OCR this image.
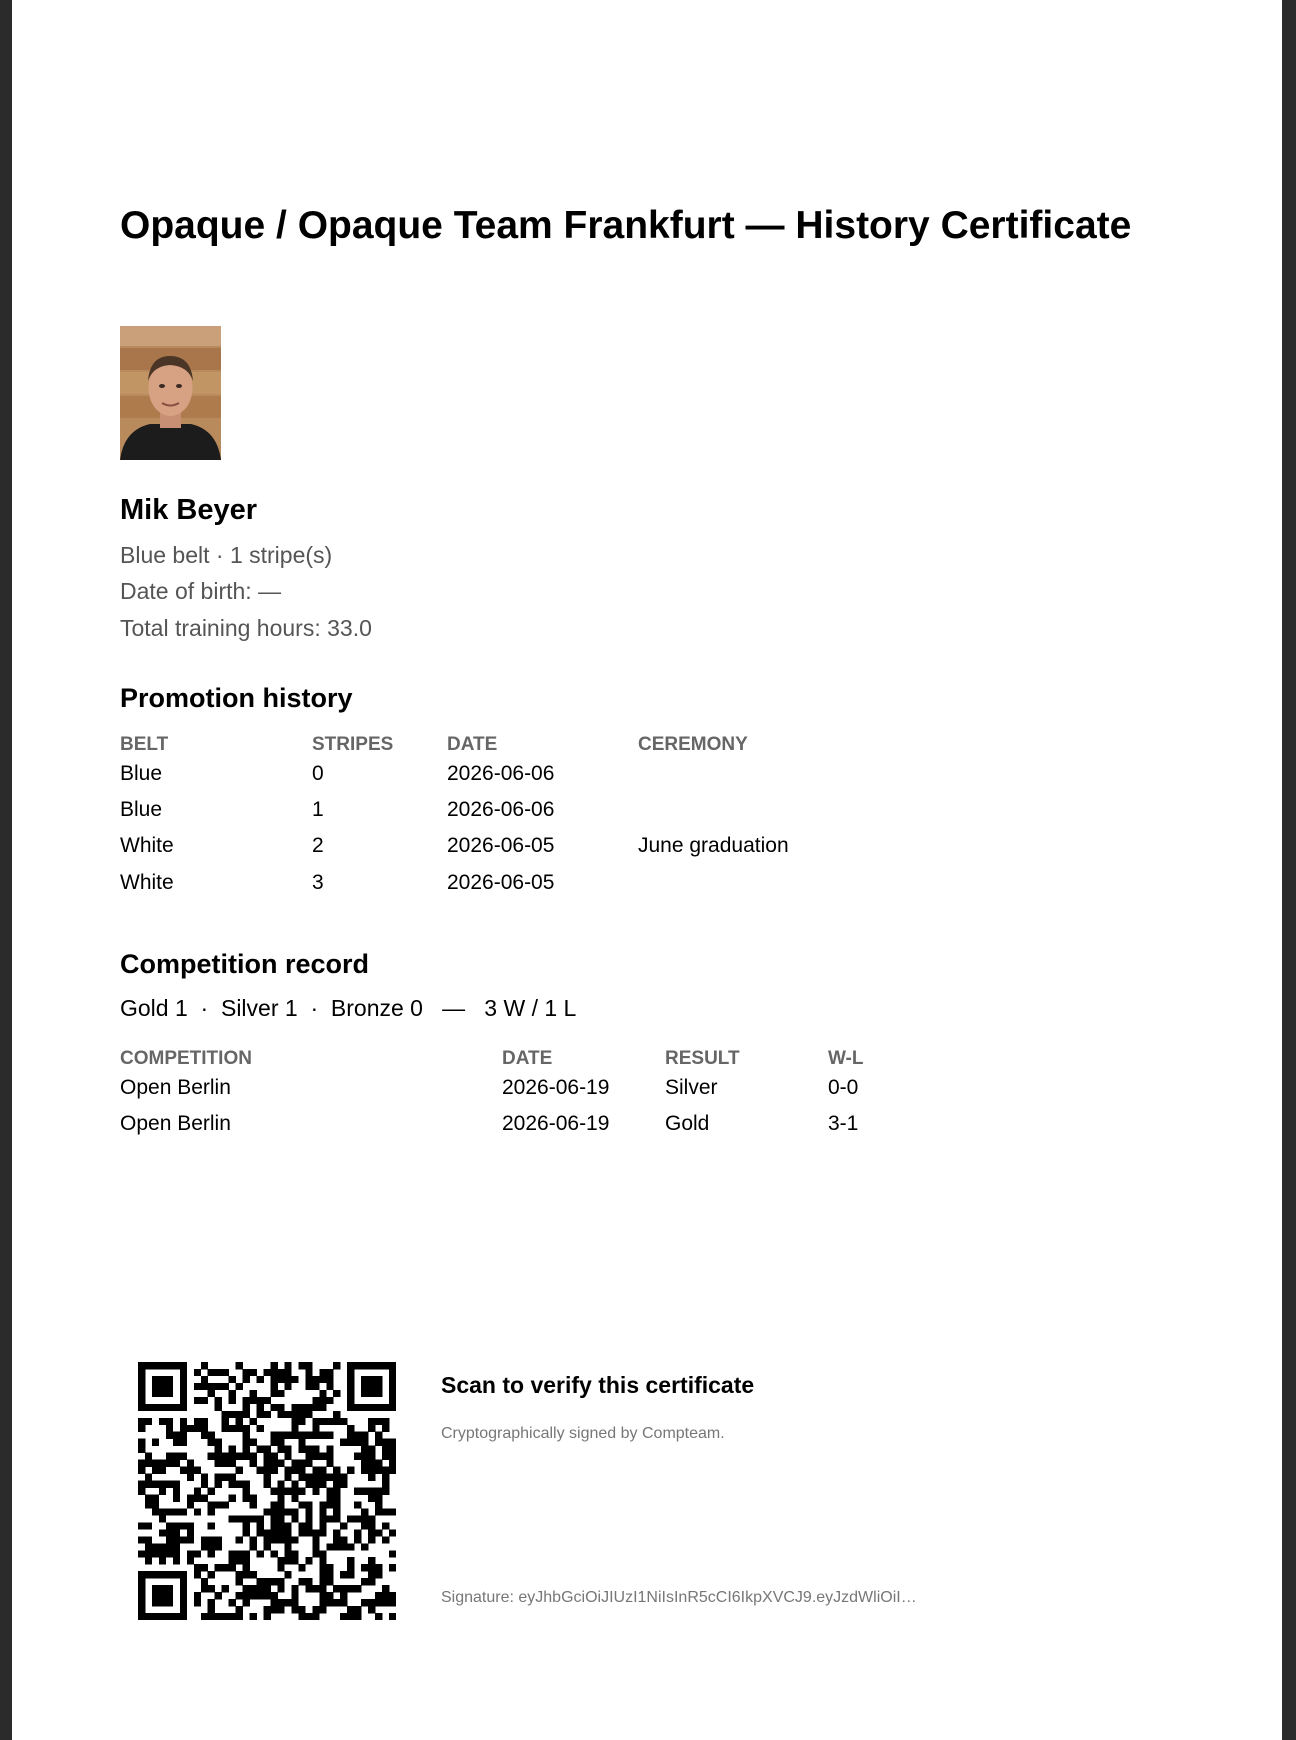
Opaque / Opaque Team Frankfurt — History Certificate
Mik Beyer
Blue belt · 1 stripe(s)
Date of birth: —
Total training hours: 33.0
Promotion history
BELT	STRIPES	DATE	CEREMONY
Blue	0	2026-06-06
Blue	1	2026-06-06
White	2	2026-06-05	June graduation
White	3	2026-06-05
Competition record
Gold 1  ·  Silver 1  ·  Bronze 0   —   3 W / 1 L
COMPETITION	DATE	RESULT	W-L
Open Berlin	2026-06-19	Silver	0-0
Open Berlin	2026-06-19	Gold	3-1
Scan to verify this certificate
Cryptographically signed by Compteam.
Signature: eyJhbGciOiJIUzI1NiIsInR5cCI6IkpXVCJ9.eyJzdWliOiI…
